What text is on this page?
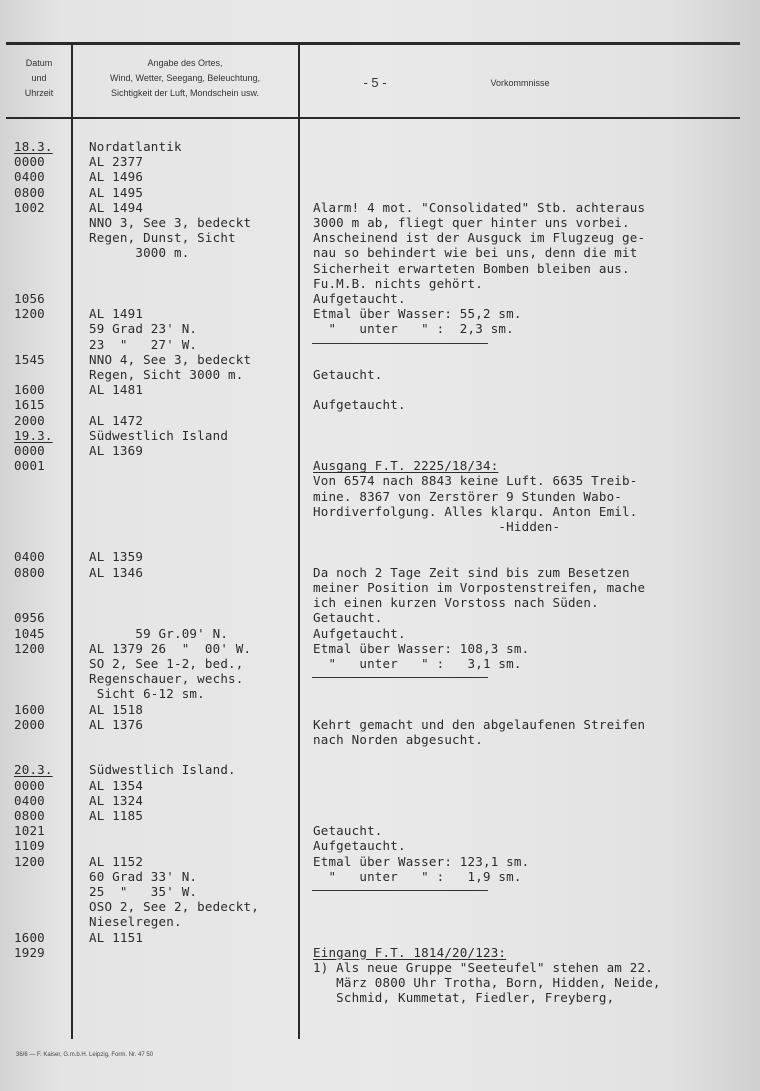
Datum
und
Uhrzeit
Angabe des Ortes,
Wind, Wetter, Seegang, Beleuchtung,
Sichtigkeit der Luft, Mondschein usw.
- 5 -	Vorkommnisse
18.3.
0000
0400
0800
1002

1056
1200

1545

1600
1615
2000
19.3.
0000
0001

0400
0800

0956
1045
1200

1600
2000

20.3.
0000
0400
0800
1021
1109
1200

1600
1929

Nordatlantik
AL 2377
AL 1496
AL 1495
AL 1494
NNO 3, See 3, bedeckt
Regen, Dunst, Sicht
3000 m.

AL 1491
59 Grad 23' N.
23  "   27' W.
NNO 4, See 3, bedeckt
Regen, Sicht 3000 m.
AL 1481

AL 1472
Südwestlich Island
AL 1369

AL 1359
AL 1346

59 Gr.09' N.
AL 1379 26  "  00' W.
SO 2, See 1-2, bed.,
Regenschauer, wechs.
Sicht 6-12 sm.
AL 1518
AL 1376

Südwestlich Island.
AL 1354
AL 1324
AL 1185

AL 1152
60 Grad 33' N.
25  "   35' W.
OSO 2, See 2, bedeckt,
Nieselregen.
AL 1151

Alarm! 4 mot. "Consolidated" Stb. achteraus
3000 m ab, fliegt quer hinter uns vorbei.
Anscheinend ist der Ausguck im Flugzeug ge-
nau so behindert wie bei uns, denn die mit
Sicherheit erwarteten Bomben bleiben aus.
Fu.M.B. nichts gehört.
Aufgetaucht.
Etmal über Wasser: 55,2 sm.
"   unter   " :  2,3 sm.

Getaucht.

Aufgetaucht.

Ausgang F.T. 2225/18/34:
Von 6574 nach 8843 keine Luft. 6635 Treib-
mine. 8367 von Zerstörer 9 Stunden Wabo-
Hordiverfolgung. Alles klarqu. Anton Emil.
-Hidden-

Da noch 2 Tage Zeit sind bis zum Besetzen
meiner Position im Vorpostenstreifen, mache
ich einen kurzen Vorstoss nach Süden.
Getaucht.
Aufgetaucht.
Etmal über Wasser: 108,3 sm.
"   unter   " :   3,1 sm.

Kehrt gemacht und den abgelaufenen Streifen
nach Norden abgesucht.

Getaucht.
Aufgetaucht.
Etmal über Wasser: 123,1 sm.
"   unter   " :   1,9 sm.

Eingang F.T. 1814/20/123:
1) Als neue Gruppe "Seeteufel" stehen am 22.
März 0800 Uhr Trotha, Born, Hidden, Neide,
Schmid, Kummetat, Fiedler, Freyberg,
36/6 — F. Kaiser, G.m.b.H. Leipzig, Form. Nr. 47 50
